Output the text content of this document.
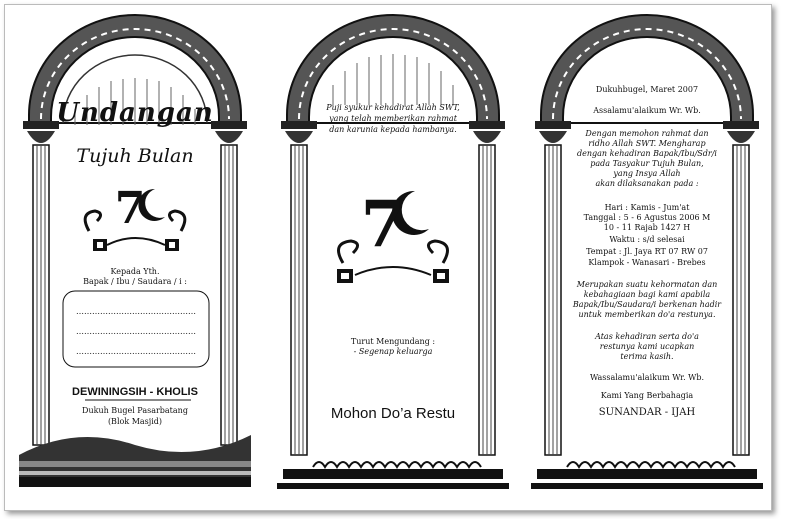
Undangan
Tujuh Bulan
7
Kepada Yth.
Bapak / Ibu / Saudara / i :
………………………………………
………………………………………
………………………………………
DEWININGSIH - KHOLIS
Dukuh Bugel Pasarbatang
(Blok Masjid)
Puji syukur kehadirat Allah SWT,
yang telah memberikan rahmat
dan karunia kepada hambanya.
7
Turut Mengundang :
- Segenap keluarga
Mohon Do’a Restu
Dukuhbugel, Maret 2007
Assalamu'alaikum Wr. Wb.
Dengan memohon rahmat dan
ridho Allah SWT. Mengharap
dengan kehadiran Bapak/Ibu/Sdr/i
pada Tasyakur Tujuh Bulan,
yang Insya Allah
akan dilaksanakan pada :
Hari : Kamis - Jum'at
Tanggal : 5 - 6 Agustus 2006 M
10 - 11 Rajab 1427 H
Waktu : s/d selesai
Tempat : Jl. Jaya RT 07 RW 07
Klampok - Wanasari - Brebes
Merupakan suatu kehormatan dan
kebahagiaan bagi kami apabila
Bapak/Ibu/Saudara/i berkenan hadir
untuk memberikan do'a restunya.
Atas kehadiran serta do'a
restunya kami ucapkan
terima kasih.
Wassalamu'alaikum Wr. Wb.
Kami Yang Berbahagia
SUNANDAR - IJAH
